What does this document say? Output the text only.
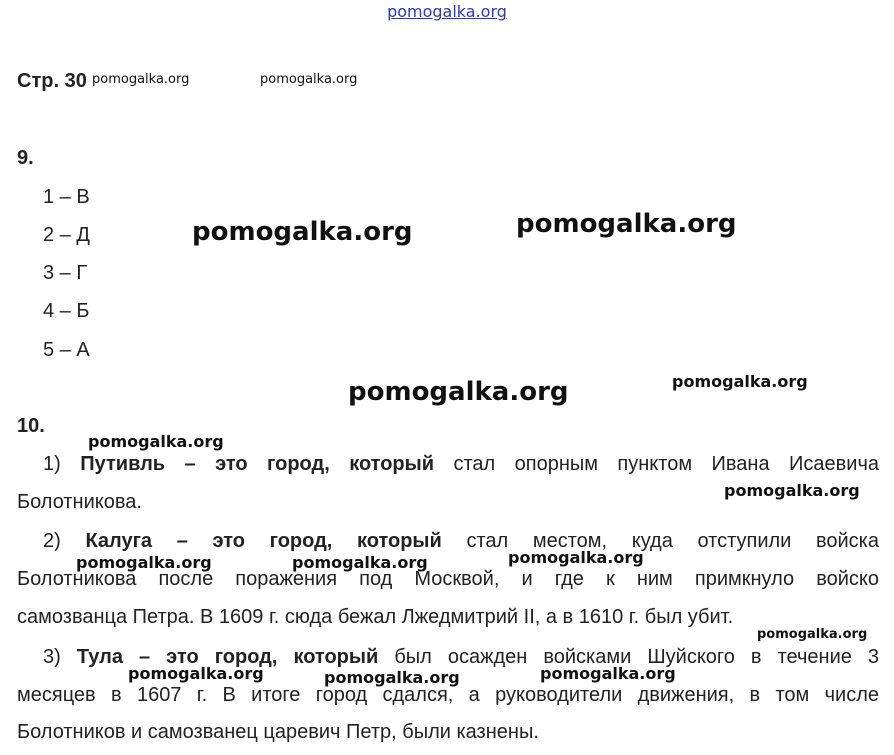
pomogalka.org
Стр. 30
9.
1 – В
2 – Д
3 – Г
4 – Б
5 – А
10.
1) Путивль – это город, который стал опорным пунктом Ивана Исаевича
Болотникова.
2) Калуга – это город, который стал местом, куда отступили войска
Болотникова после поражения под Москвой, и где к ним примкнуло войско
самозванца Петра. В 1609 г. сюда бежал Лжедмитрий II, а в 1610 г. был убит.
3) Тула – это город, который был осажден войсками Шуйского в течение 3
месяцев в 1607 г. В итоге город сдался, а руководители движения, в том числе
Болотников и самозванец царевич Петр, были казнены.
pomogalka.org	pomogalka.org
pomogalka.org	pomogalka.org
pomogalka.org	pomogalka.org
pomogalka.org
pomogalka.org
pomogalka.org
pomogalka.org	pomogalka.org
pomogalka.org
pomogalka.org	pomogalka.org
pomogalka.org
